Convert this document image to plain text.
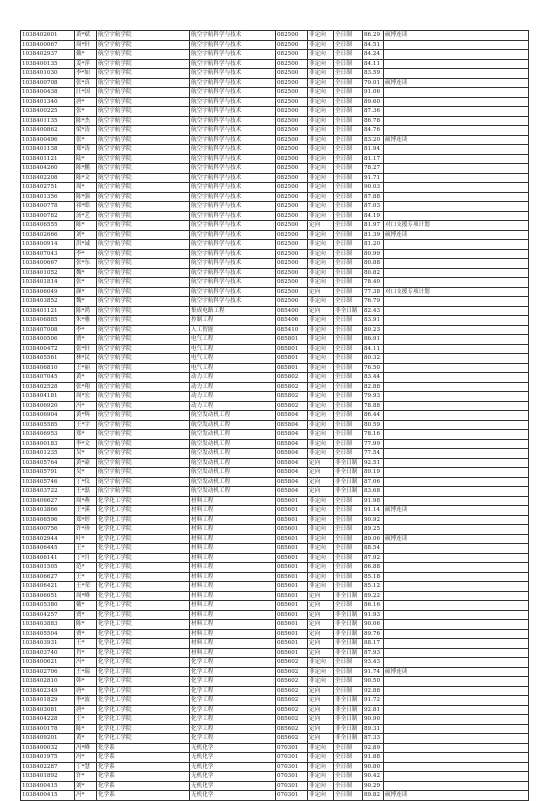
1038402601	黄*斌	航空宇航学院	航空宇航科学与技术	082500	非定向	全日制	86.29	硕博连读
1038400067	周*轩	航空宇航学院	航空宇航科学与技术	082500	非定向	全日制	84.51	
1038402937	戴*	航空宇航学院	航空宇航科学与技术	082500	非定向	全日制	84.24	
1038400135	姜*萍	航空宇航学院	航空宇航科学与技术	082500	非定向	全日制	84.11	
1038401030	李*如	航空宇航学院	航空宇航科学与技术	082500	非定向	全日制	83.59	
1038400708	张*真	航空宇航学院	航空宇航科学与技术	082500	非定向	全日制	79.01	硕博连读
1038400438	汪*国	航空宇航学院	航空宇航科学与技术	082500	非定向	全日制	91.06	
1038401340	唐*	航空宇航学院	航空宇航科学与技术	082500	非定向	全日制	89.60	
1038400225	张*	航空宇航学院	航空宇航科学与技术	082500	非定向	全日制	87.36	
1038401135	陈*杰	航空宇航学院	航空宇航科学与技术	082500	非定向	全日制	86.78	
1038400862	梁*涛	航空宇航学院	航空宇航科学与技术	082500	非定向	全日制	84.76	
1038400496	张*	航空宇航学院	航空宇航科学与技术	082500	非定向	全日制	83.20	硕博连读
1038401138	郑*涛	航空宇航学院	航空宇航科学与技术	082500	非定向	全日制	81.94	
1038401121	陆*	航空宇航学院	航空宇航科学与技术	082500	非定向	全日制	81.17	
1038404260	陈*鹏	航空宇航学院	航空宇航科学与技术	082500	非定向	全日制	78.27	
1038402208	陈*文	航空宇航学院	航空宇航科学与技术	082500	非定向	全日制	91.71	
1038402751	周*	航空宇航学院	航空宇航科学与技术	082500	非定向	全日制	90.03	
1038401356	陈*强	航空宇航学院	航空宇航科学与技术	082500	非定向	全日制	87.88	
1038400778	祁*皓	航空宇航学院	航空宇航科学与技术	082500	非定向	全日制	87.03	
1038400782	汤*艺	航空宇航学院	航空宇航科学与技术	082500	非定向	全日制	84.19	
1038406555	陈*	航空宇航学院	航空宇航科学与技术	082500	定向	全日制	81.97	对口支援专项计划
1038402666	刘*	航空宇航学院	航空宇航科学与技术	082500	非定向	全日制	81.39	硕博连读
1038400914	洪*诚	航空宇航学院	航空宇航科学与技术	082500	非定向	全日制	81.20	
1038407043	李*	航空宇航学院	航空宇航科学与技术	082500	非定向	全日制	80.99	
1038400667	张*东	航空宇航学院	航空宇航科学与技术	082500	非定向	全日制	80.88	
1038401052	魏*	航空宇航学院	航空宇航科学与技术	082500	非定向	全日制	80.82	
1038401814	张*	航空宇航学院	航空宇航科学与技术	082500	非定向	全日制	78.40	
1038406049	颜*	航空宇航学院	航空宇航科学与技术	082500	定向	全日制	77.38	对口支援专项计划
1038403852	魏*	航空宇航学院	航空宇航科学与技术	082500	非定向	全日制	76.79	
1038401121	陈*鸿	航空宇航学院	集成电路工程	085400	定向	非全日制	82.43	
1038406885	朱*雅	航空宇航学院	控制工程	085406	非定向	全日制	83.91	
1038407008	李*	航空宇航学院	人工智能	085410	非定向	全日制	80.23	
1038400506	贾*	航空宇航学院	电气工程	085801	非定向	全日制	86.91	
1038400472	张*轩	航空宇航学院	电气工程	085801	非定向	全日制	84.11	
1038405561	林*民	航空宇航学院	电气工程	085801	非定向	全日制	80.32	
1038406810	王*丽	航空宇航学院	电气工程	085801	非定向	全日制	76.50	
1038407045	黄*	航空宇航学院	动力工程	085802	非定向	全日制	83.44	
1038402528	张*翔	航空宇航学院	动力工程	085802	非定向	全日制	82.88	
1038404181	周*宏	航空宇航学院	动力工程	085802	非定向	全日制	79.93	
1038406920	冯*	航空宇航学院	动力工程	085802	非定向	全日制	78.88	
1038406904	黄*辉	航空宇航学院	航空发动机工程	085804	非定向	全日制	86.44	
1038405585	王*宇	航空宇航学院	航空发动机工程	085804	非定向	全日制	80.59	
1038406953	郑*	航空宇航学院	航空发动机工程	085804	非定向	全日制	78.16	
1038400183	李*文	航空宇航学院	航空发动机工程	085804	非定向	全日制	77.99	
1038401235	吴*	航空宇航学院	航空发动机工程	085804	非定向	全日制	77.54	
1038405764	黄*豪	航空宇航学院	航空发动机工程	085804	定向	非全日制	92.51	
1038405791	吴*	航空宇航学院	航空发动机工程	085804	定向	非全日制	89.19	
1038405746	丁*仪	航空宇航学院	航空发动机工程	085804	定向	非全日制	87.06	
1038403722	王*磊	航空宇航学院	航空发动机工程	085804	定向	非全日制	83.68	
1038406627	周*燕	化学化工学院	材料工程	085601	非定向	全日制	91.98	
1038403866	王*溪	化学化工学院	材料工程	085601	非定向	全日制	91.14	硕博连读
1038406596	郑*婷	化学化工学院	材料工程	085601	非定向	全日制	90.92	
1038400756	许*珍	化学化工学院	材料工程	085601	非定向	全日制	89.25	
1038402944	叶*	化学化工学院	材料工程	085601	非定向	全日制	89.06	硕博连读
1038406445	王*	化学化工学院	材料工程	085601	非定向	全日制	88.54	
1038406141	丁*月	化学化工学院	材料工程	085601	非定向	全日制	87.92	
1038401505	范*	化学化工学院	材料工程	085601	非定向	全日制	86.88	
1038406627	王*	化学化工学院	材料工程	085601	非定向	全日制	85.18	
1038406421	王*荣	化学化工学院	材料工程	085601	非定向	全日制	85.12	
1038406051	周*峰	化学化工学院	材料工程	085601	定向	非全日制	89.22	
1038405380	戴*	化学化工学院	材料工程	085601	定向	全日制	86.16	
1038404257	贾*	化学化工学院	材料工程	085601	定向	非全日制	91.93	
1038403883	陈*	化学化工学院	材料工程	085601	定向	非全日制	90.06	
1038405504	贾*	化学化工学院	材料工程	085601	定向	非全日制	89.76	
1038403931	王*	化学化工学院	材料工程	085601	定向	非全日制	88.17	
1038403740	肖*	化学化工学院	材料工程	085601	定向	非全日制	87.93	
1038400621	冯*	化学化工学院	化学工程	085602	非定向	全日制	93.43	
1038402706	王*瑞	化学化工学院	化学工程	085602	非定向	全日制	91.74	硕博连读
1038402810	韩*	化学化工学院	化学工程	085602	非定向	全日制	90.50	
1038402349	唐*	化学化工学院	化学工程	085602	定向	全日制	92.88	
1038401829	李*波	化学化工学院	化学工程	085602	定向	非全日制	91.72	
1038403081	唐*	化学化工学院	化学工程	085602	定向	非全日制	92.81	
1038404228	王*	化学化工学院	化学工程	085602	定向	非全日制	90.90	
1038400178	陈*	化学化工学院	化学工程	085602	定向	非全日制	89.31	
1038409201	黄*	化学化工学院	化学工程	085602	定向	非全日制	87.33	
1038400032	冯*峰	化学系	无机化学	070301	非定向	全日制	92.89	
1038401975	冯*	化学系	无机化学	070301	非定向	全日制	91.88	
1038402287	丁*慧	化学系	无机化学	070301	非定向	全日制	90.80	
1038401892	许*	化学系	无机化学	070301	非定向	全日制	90.42	
1038400415	刘*	化学系	无机化学	070301	非定向	全日制	90.29	
1038400415	冯*	化学系	无机化学	070301	非定向	全日制	89.82	硕博连读
